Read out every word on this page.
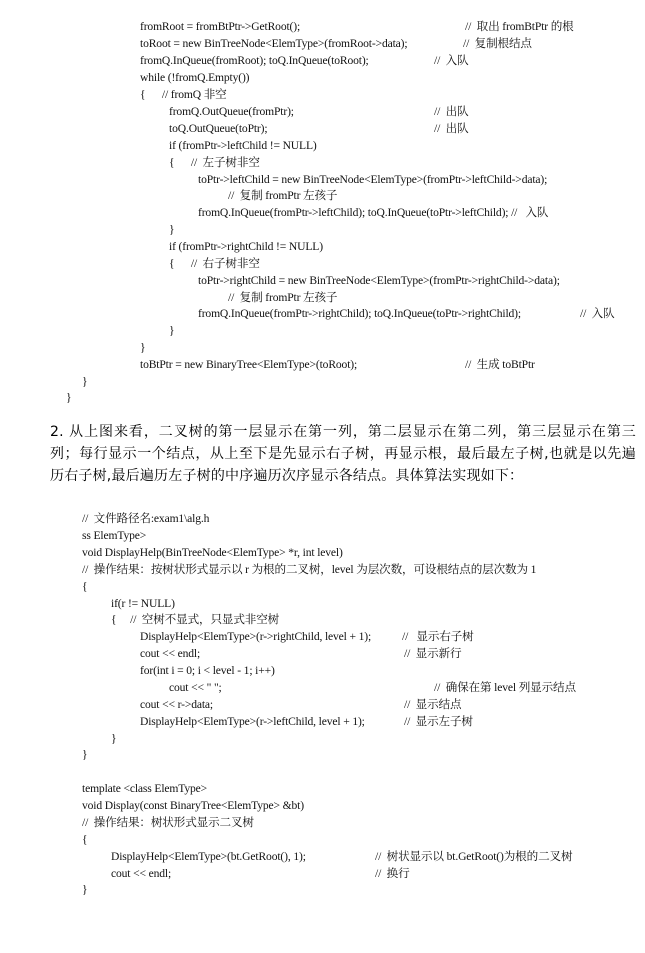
fromRoot = fromBtPtr->GetRoot();	//  取出 fromBtPtr 的根
toRoot = new BinTreeNode<ElemType>(fromRoot->data);	//  复制根结点
fromQ.InQueue(fromRoot); toQ.InQueue(toRoot);	//  入队
while (!fromQ.Empty())
{      // fromQ 非空
fromQ.OutQueue(fromPtr);	//  出队
toQ.OutQueue(toPtr);	//  出队
if (fromPtr->leftChild != NULL)
{      //  左子树非空
toPtr->leftChild = new BinTreeNode<ElemType>(fromPtr->leftChild->data);
//  复制 fromPtr 左孩子
fromQ.InQueue(fromPtr->leftChild); toQ.InQueue(toPtr->leftChild); //   入队
}
if (fromPtr->rightChild != NULL)
{      //  右子树非空
toPtr->rightChild = new BinTreeNode<ElemType>(fromPtr->rightChild->data);
//  复制 fromPtr 左孩子
fromQ.InQueue(fromPtr->rightChild); toQ.InQueue(toPtr->rightChild);	//  入队
}
}
toBtPtr = new BinaryTree<ElemType>(toRoot);	//  生成 toBtPtr
}
}
2. 从上图来看，二叉树的第一层显示在第一列，第二层显示在第二列，第三层显示在第三列；每行显示一个结点，从上至下是先显示右子树，再显示根，最后最左子树,也就是以先遍历右子树,最后遍历左子树的中序遍历次序显示各结点。具体算法实现如下：
//  文件路径名:exam1\alg.h
ss ElemType>
void DisplayHelp(BinTreeNode<ElemType> *r, int level)
//  操作结果：按树状形式显示以 r 为根的二叉树，level 为层次数，可设根结点的层次数为 1
{
if(r != NULL)
{     //  空树不显式，只显式非空树
DisplayHelp<ElemType>(r->rightChild, level + 1);	//   显示右子树
cout << endl;	//  显示新行
for(int i = 0; i < level - 1; i++)
cout << " ";	//  确保在第 level 列显示结点
cout << r->data;	//  显示结点
DisplayHelp<ElemType>(r->leftChild, level + 1);	//  显示左子树
}
}
template <class ElemType>
void Display(const BinaryTree<ElemType> &bt)
//  操作结果：树状形式显示二叉树
{
DisplayHelp<ElemType>(bt.GetRoot(), 1);	//  树状显示以 bt.GetRoot()为根的二叉树
cout << endl;	//  换行
}
